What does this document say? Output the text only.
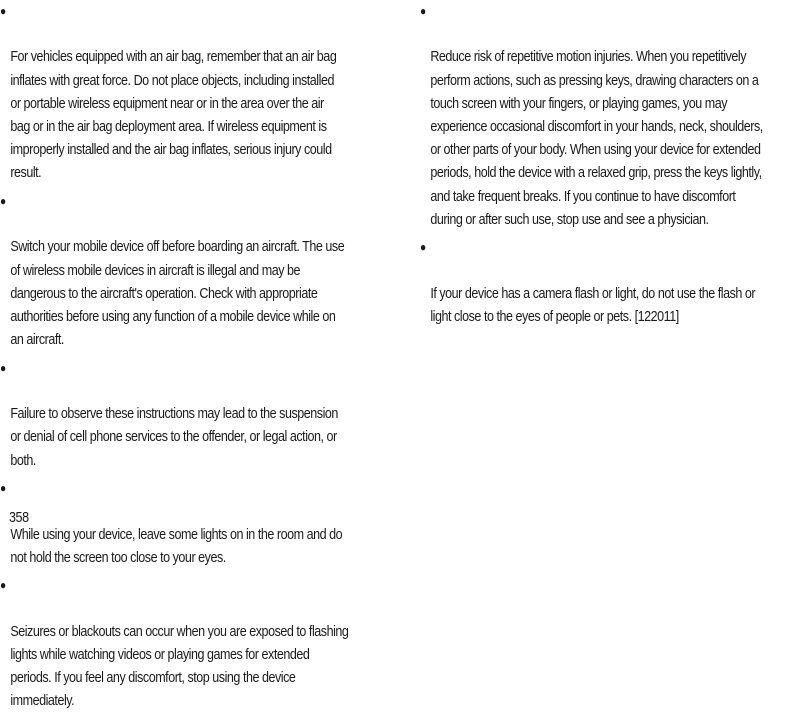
●

For vehicles equipped with an air bag, remember that an air bag
inflates with great force. Do not place objects, including installed
or portable wireless equipment near or in the area over the air
bag or in the air bag deployment area. If wireless equipment is
improperly installed and the air bag inflates, serious injury could
result.

●

Switch your mobile device off before boarding an aircraft. The use
of wireless mobile devices in aircraft is illegal and may be
dangerous to the aircraft's operation. Check with appropriate
authorities before using any function of a mobile device while on
an aircraft.

●

Failure to observe these instructions may lead to the suspension
or denial of cell phone services to the offender, or legal action, or
both.

●

While using your device, leave some lights on in the room and do
not hold the screen too close to your eyes.

●

Seizures or blackouts can occur when you are exposed to flashing
lights while watching videos or playing games for extended
periods. If you feel any discomfort, stop using the device
immediately.

●

Reduce risk of repetitive motion injuries. When you repetitively
perform actions, such as pressing keys, drawing characters on a
touch screen with your fingers, or playing games, you may
experience occasional discomfort in your hands, neck, shoulders,
or other parts of your body. When using your device for extended
periods, hold the device with a relaxed grip, press the keys lightly,
and take frequent breaks. If you continue to have discomfort
during or after such use, stop use and see a physician.

●

If your device has a camera flash or light, do not use the flash or
light close to the eyes of people or pets. [122011]

358
